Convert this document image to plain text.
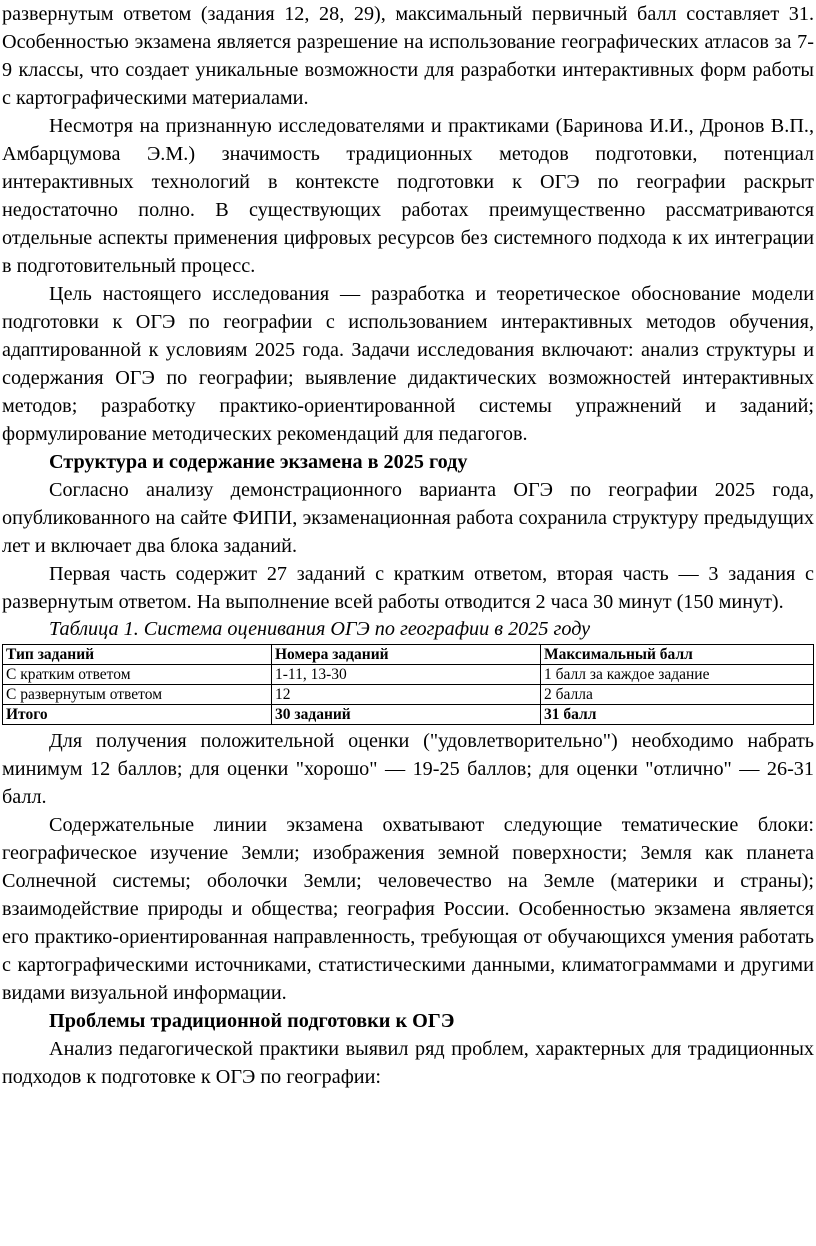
развернутым ответом (задания 12, 28, 29), максимальный первичный балл составляет 31. Особенностью экзамена является разрешение на использование географических атласов за 7-9 классы, что создает уникальные возможности для разработки интерактивных форм работы с картографическими материалами.

Несмотря на признанную исследователями и практиками (Баринова И.И., Дронов В.П., Амбарцумова Э.М.) значимость традиционных методов подготовки, потенциал интерактивных технологий в контексте подготовки к ОГЭ по географии раскрыт недостаточно полно. В существующих работах преимущественно рассматриваются отдельные аспекты применения цифровых ресурсов без системного подхода к их интеграции в подготовительный процесс.

Цель настоящего исследования — разработка и теоретическое обоснование модели подготовки к ОГЭ по географии с использованием интерактивных методов обучения, адаптированной к условиям 2025 года. Задачи исследования включают: анализ структуры и содержания ОГЭ по географии; выявление дидактических возможностей интерактивных методов; разработку практико-ориентированной системы упражнений и заданий; формулирование методических рекомендаций для педагогов.

Структура и содержание экзамена в 2025 году

Согласно анализу демонстрационного варианта ОГЭ по географии 2025 года, опубликованного на сайте ФИПИ, экзаменационная работа сохранила структуру предыдущих лет и включает два блока заданий.

Первая часть содержит 27 заданий с кратким ответом, вторая часть — 3 задания с развернутым ответом. На выполнение всей работы отводится 2 часа 30 минут (150 минут).

Таблица 1. Система оценивания ОГЭ по географии в 2025 году
Тип заданий	Номера заданий	Максимальный балл
С кратким ответом	1-11, 13-30	1 балл за каждое задание
С развернутым ответом	12	2 балла
Итого	30 заданий	31 балл

Для получения положительной оценки ("удовлетворительно") необходимо набрать минимум 12 баллов; для оценки "хорошо" — 19-25 баллов; для оценки "отлично" — 26-31 балл.

Содержательные линии экзамена охватывают следующие тематические блоки: географическое изучение Земли; изображения земной поверхности; Земля как планета Солнечной системы; оболочки Земли; человечество на Земле (материки и страны); взаимодействие природы и общества; география России. Особенностью экзамена является его практико-ориентированная направленность, требующая от обучающихся умения работать с картографическими источниками, статистическими данными, климатограммами и другими видами визуальной информации.

Проблемы традиционной подготовки к ОГЭ

Анализ педагогической практики выявил ряд проблем, характерных для традиционных подходов к подготовке к ОГЭ по географии:
